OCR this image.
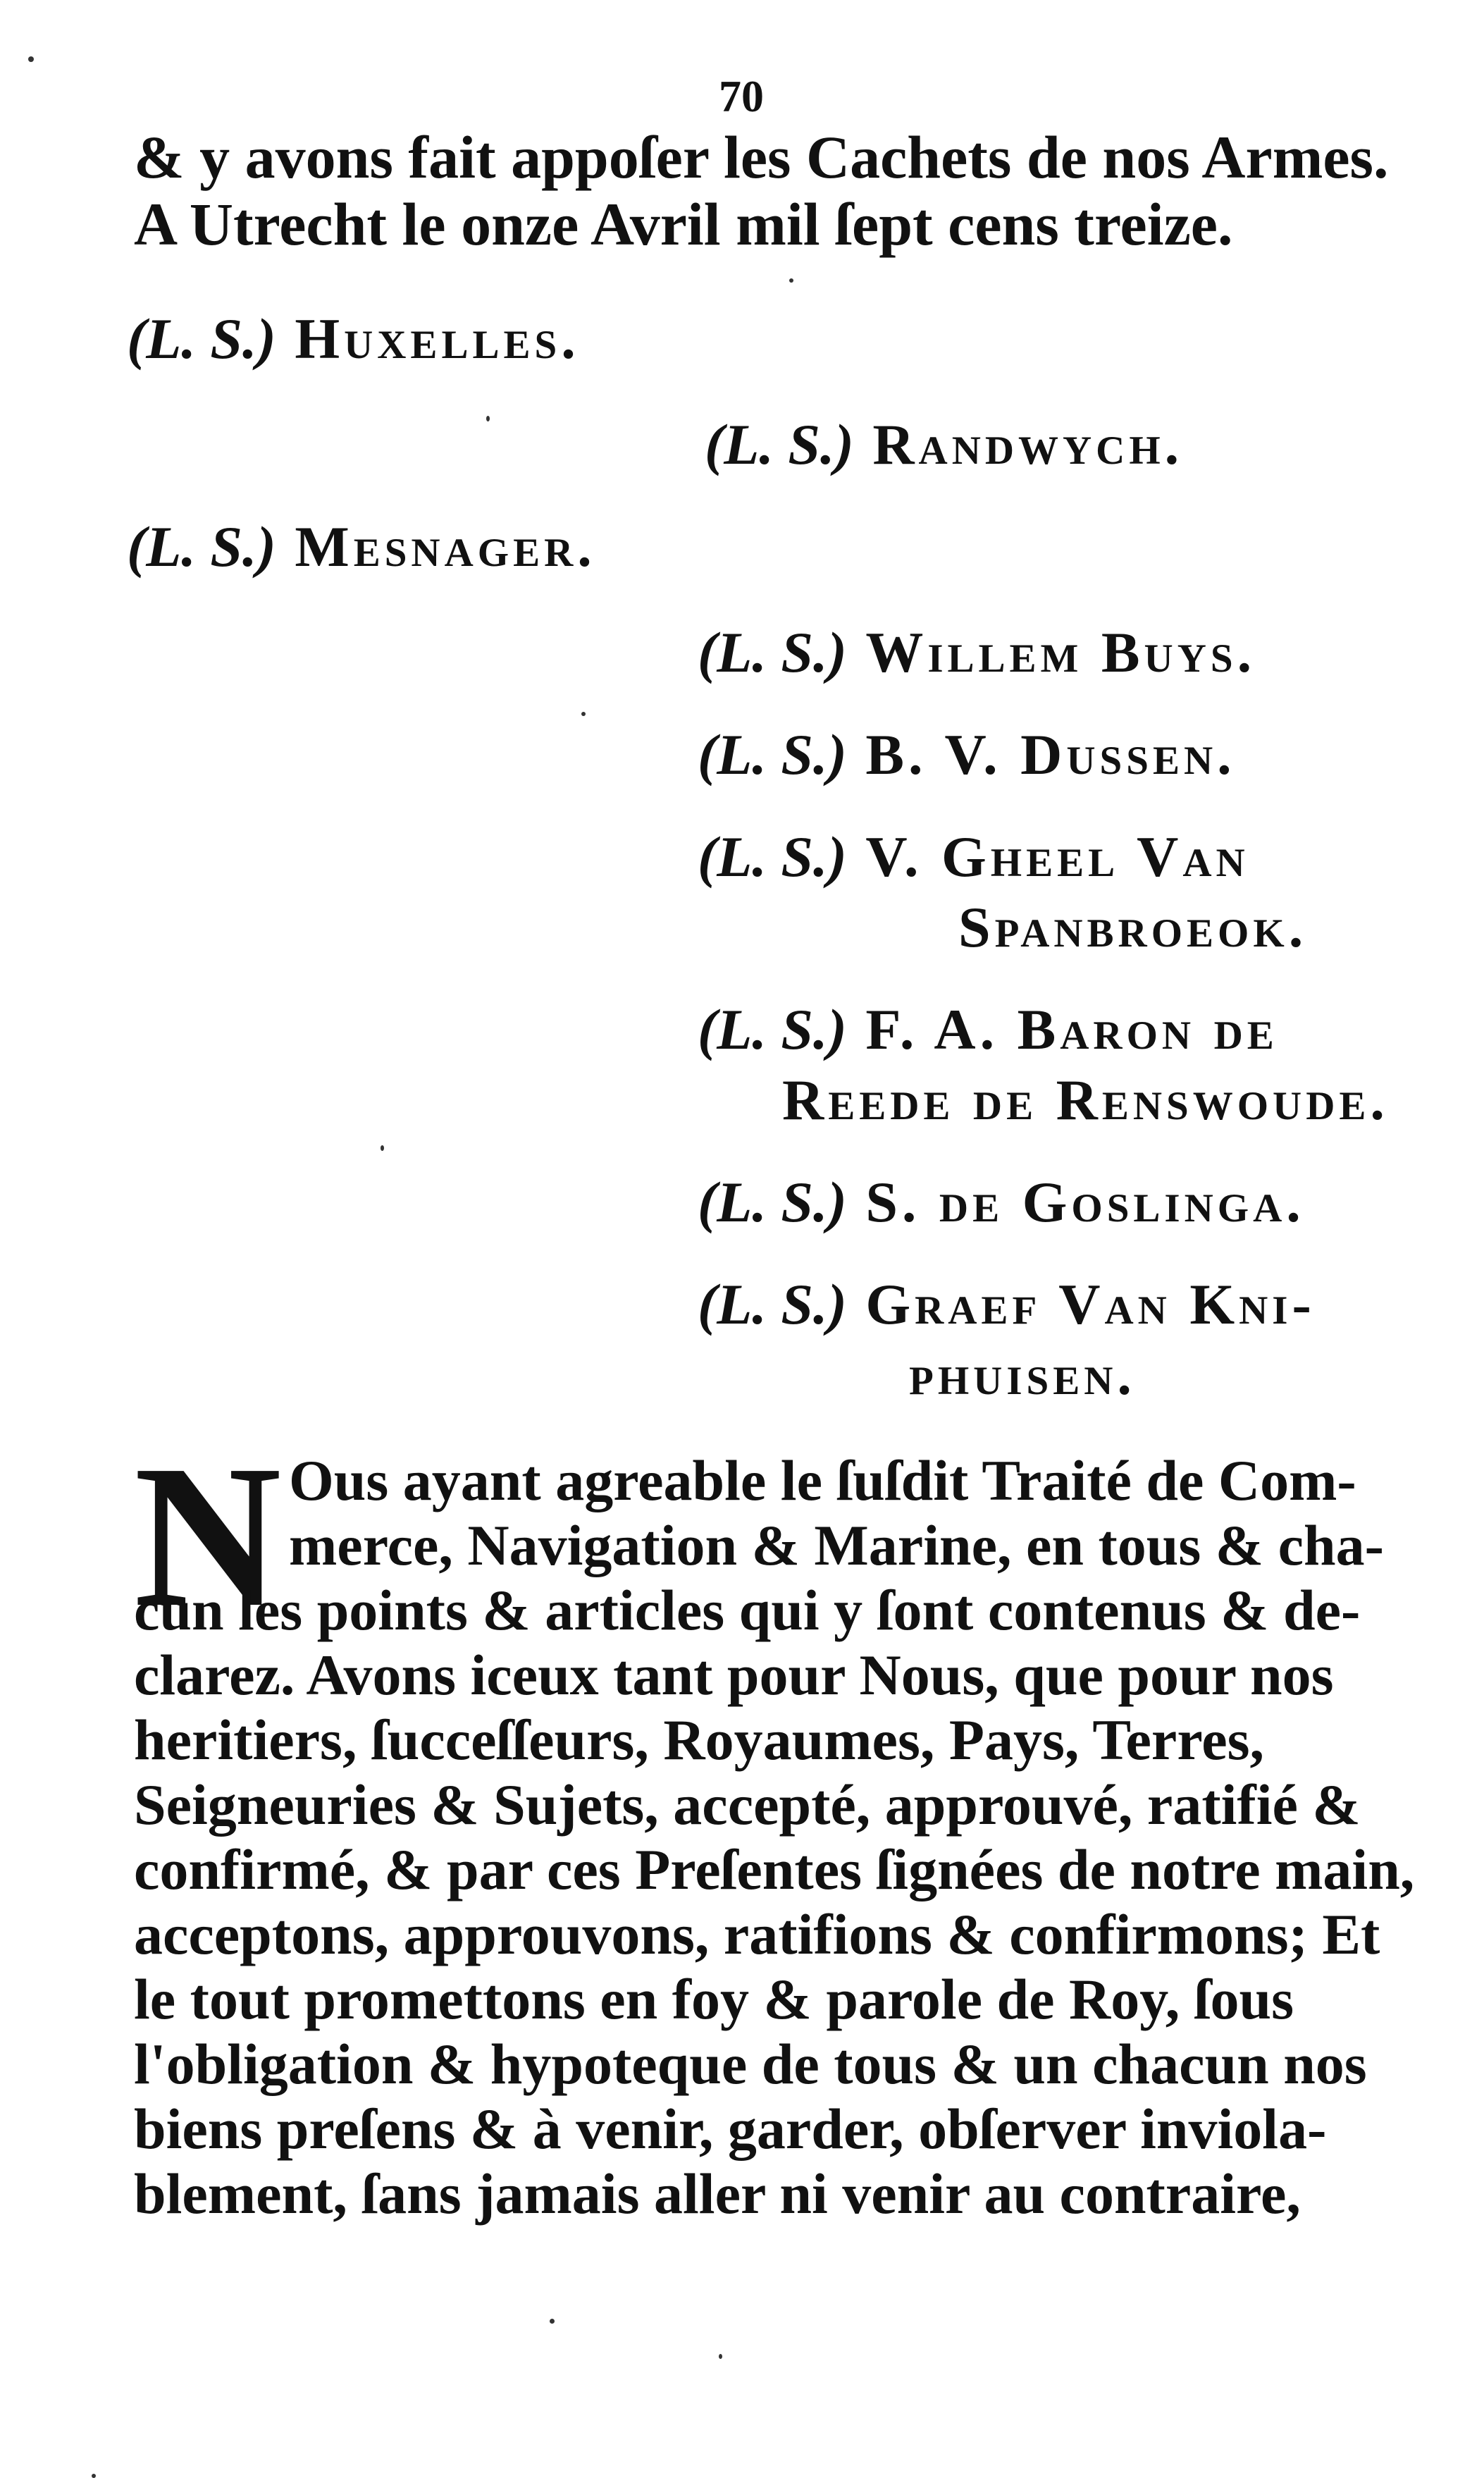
70
& y avons fait appoſer les Cachets de nos Armes.
A Utrecht le onze Avril mil ſept cens treize.
(L. S.) Huxelles.
(L. S.) Randwych.
(L. S.) Mesnager.
(L. S.) Willem Buys.
(L. S.) B. V. Dussen.
(L. S.) V. Gheel Van
Spanbroeok.
(L. S.) F. A. Baron de
Reede de Renswoude.
(L. S.) S. de Goslinga.
(L. S.) Graef Van Kni-
phuisen.
N Ous ayant agreable le ſuſdit Traité de Com-
merce, Navigation & Marine, en tous & cha-
cun les points & articles qui y ſont contenus & de-
clarez. Avons iceux tant pour Nous, que pour nos
heritiers, ſucceſſeurs, Royaumes, Pays, Terres,
Seigneuries & Sujets, accepté, approuvé, ratifié &
confirmé, & par ces Preſentes ſignées de notre main,
acceptons, approuvons, ratifions & confirmons; Et
le tout promettons en foy & parole de Roy, ſous
l'obligation & hypoteque de tous & un chacun nos
biens preſens & à venir, garder, obſerver inviola-
blement, ſans jamais aller ni venir au contraire,
